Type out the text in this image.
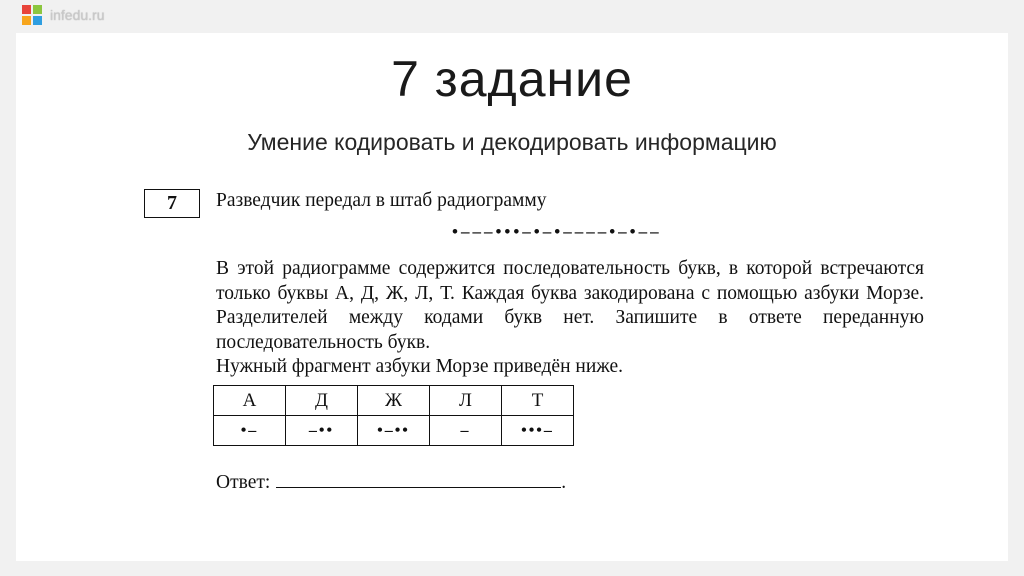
infedu.ru
7 задание
Умение кодировать и декодировать информацию
7	Разведчик передал в штаб радиограмму
•–––•••–•–•––––•–•––

В этой радиограмме содержится последовательность букв, в которой встречаются только буквы А, Д, Ж, Л, Т. Каждая буква закодирована с помощью азбуки Морзе. Разделителей между кодами букв нет. Запишите в ответе переданную последовательность букв.

Нужный фрагмент азбуки Морзе приведён ниже.

А	Д	Ж	Л	Т
•–	–••	•–••	–	•••–
Ответ:	.
